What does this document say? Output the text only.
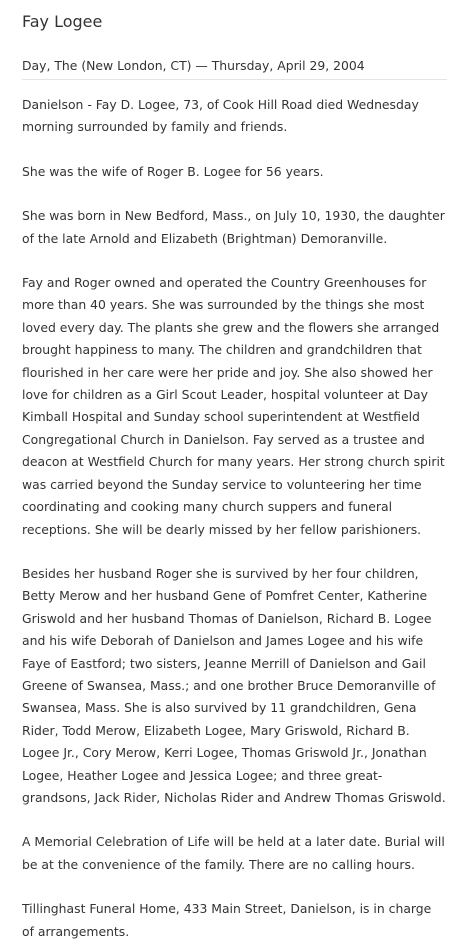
Fay Logee
Day, The (New London, CT) — Thursday, April 29, 2004

Danielson - Fay D. Logee, 73, of Cook Hill Road died Wednesday morning surrounded by family and friends.

She was the wife of Roger B. Logee for 56 years.

She was born in New Bedford, Mass., on July 10, 1930, the daughter of the late Arnold and Elizabeth (Brightman) Demoranville.

Fay and Roger owned and operated the Country Greenhouses for more than 40 years. She was surrounded by the things she most loved every day. The plants she grew and the flowers she arranged brought happiness to many. The children and grandchildren that flourished in her care were her pride and joy. She also showed her love for children as a Girl Scout Leader, hospital volunteer at Day Kimball Hospital and Sunday school superintendent at Westfield Congregational Church in Danielson. Fay served as a trustee and deacon at Westfield Church for many years. Her strong church spirit was carried beyond the Sunday service to volunteering her time coordinating and cooking many church suppers and funeral receptions. She will be dearly missed by her fellow parishioners.

Besides her husband Roger she is survived by her four children, Betty Merow and her husband Gene of Pomfret Center, Katherine Griswold and her husband Thomas of Danielson, Richard B. Logee and his wife Deborah of Danielson and James Logee and his wife Faye of Eastford; two sisters, Jeanne Merrill of Danielson and Gail Greene of Swansea, Mass.; and one brother Bruce Demoranville of Swansea, Mass. She is also survived by 11 grandchildren, Gena Rider, Todd Merow, Elizabeth Logee, Mary Griswold, Richard B. Logee Jr., Cory Merow, Kerri Logee, Thomas Griswold Jr., Jonathan Logee, Heather Logee and Jessica Logee; and three great-grandsons, Jack Rider, Nicholas Rider and Andrew Thomas Griswold.

A Memorial Celebration of Life will be held at a later date. Burial will be at the convenience of the family. There are no calling hours.

Tillinghast Funeral Home, 433 Main Street, Danielson, is in charge of arrangements.
